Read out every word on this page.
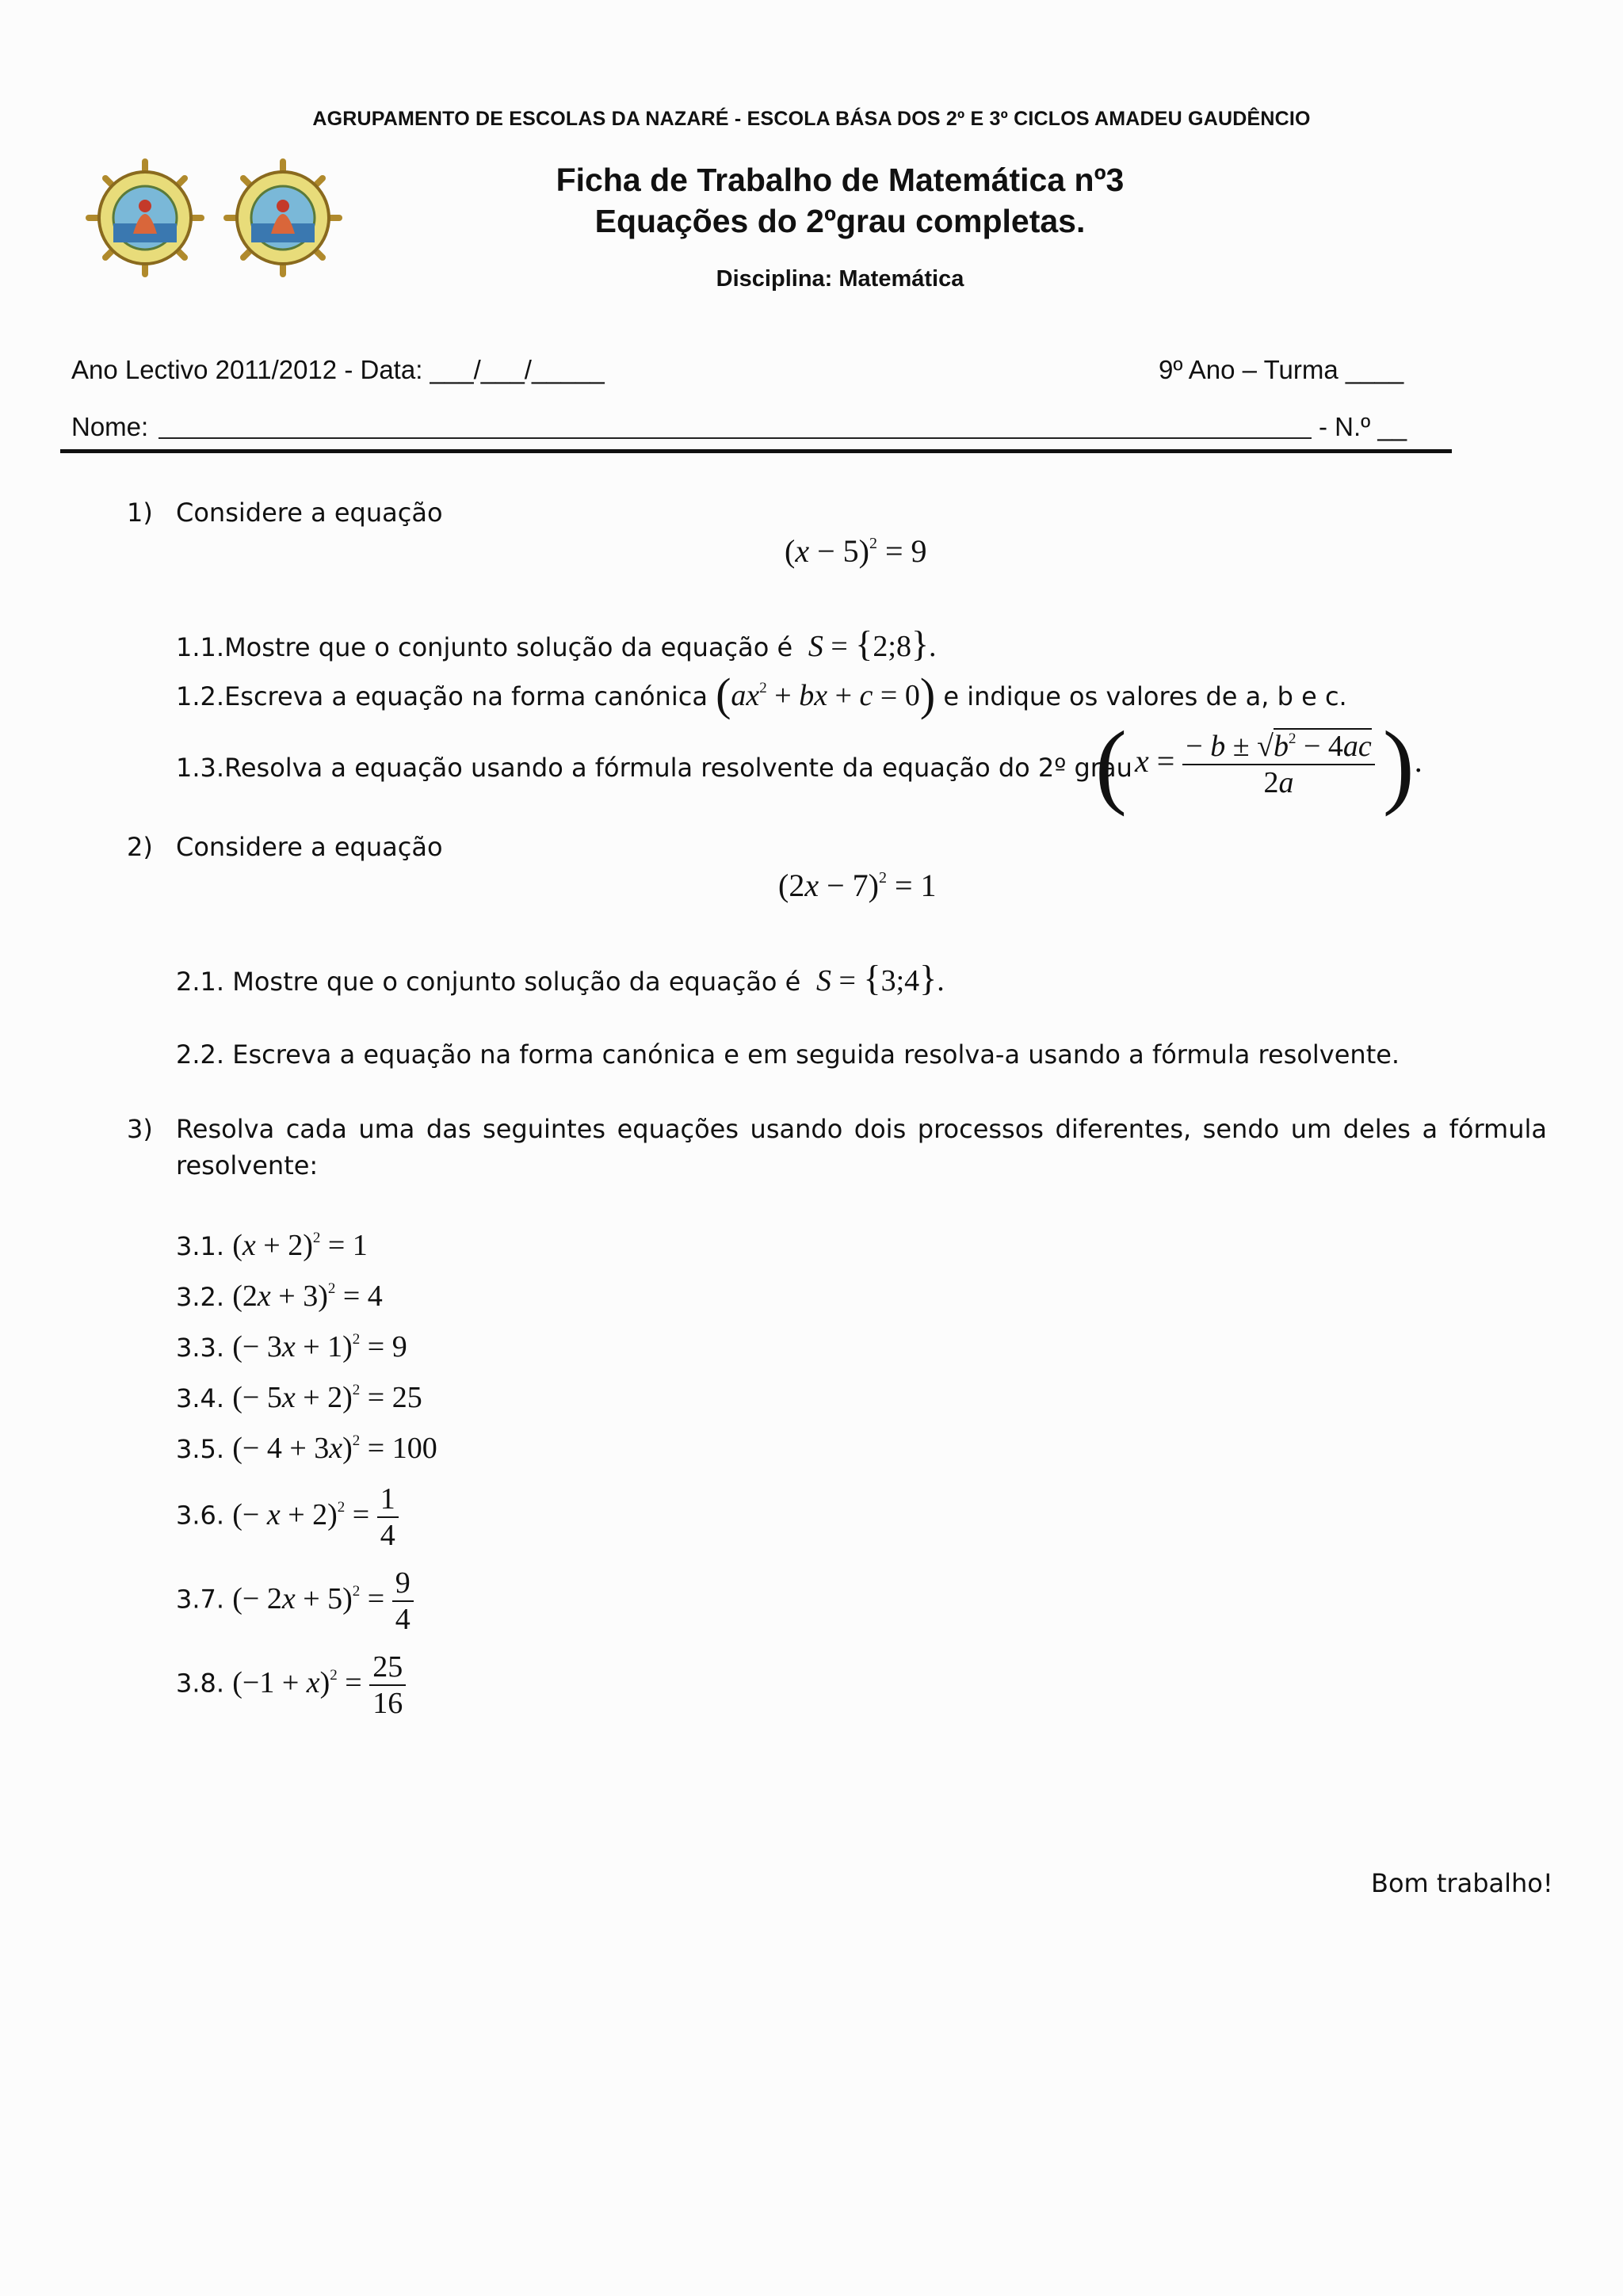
AGRUPAMENTO DE ESCOLAS DA NAZARÉ - ESCOLA BÁSA DOS 2º E 3º CICLOS AMADEU GAUDÊNCIO
Ficha de Trabalho de Matemática nº3
Equações do 2ºgrau completas.
Disciplina: Matemática
Ano Lectivo 2011/2012 - Data: ___/___/_____	9º Ano – Turma ____
Nome:	- N.º __
1) Considere a equação
$(x - 5)^2 = 9$
1.1.Mostre que o conjunto solução da equação é S = {2;8}.
1.2.Escreva a equação na forma canónica ($ax^2$ + bx + c = 0) e indique os valores de a, b e c.
1.3.Resolva a equação usando a fórmula resolvente da equação do 2º grau
( $x = \frac{- b \pm √b^2 - 4ac}{2a}$ ).
2) Considere a equação
$(2x - 7)^2 = 1$
2.1. Mostre que o conjunto solução da equação é S = {3;4}.
2.2. Escreva a equação na forma canónica e em seguida resolva-a usando a fórmula resolvente.
3) Resolva cada uma das seguintes equações usando dois processos diferentes, sendo um deles a fórmula
resolvente:
3.1. $(x + 2)^2 = 1$
3.2. $(2x + 3)^2 = 4$
3.3. (− 3x + 1)$^2$ = 9
3.4. (− 5x + 2)$^2$ = 25
3.5. (− 4 + 3x)$^2$ = 100
3.6. (− $x + 2)^2 = \frac{1}{4}$
3.7. (− $2x + 5)^2 = \frac{9}{4}$
3.8. $(-1 + x)^2 = \frac{25}{16}$
Bom trabalho!
